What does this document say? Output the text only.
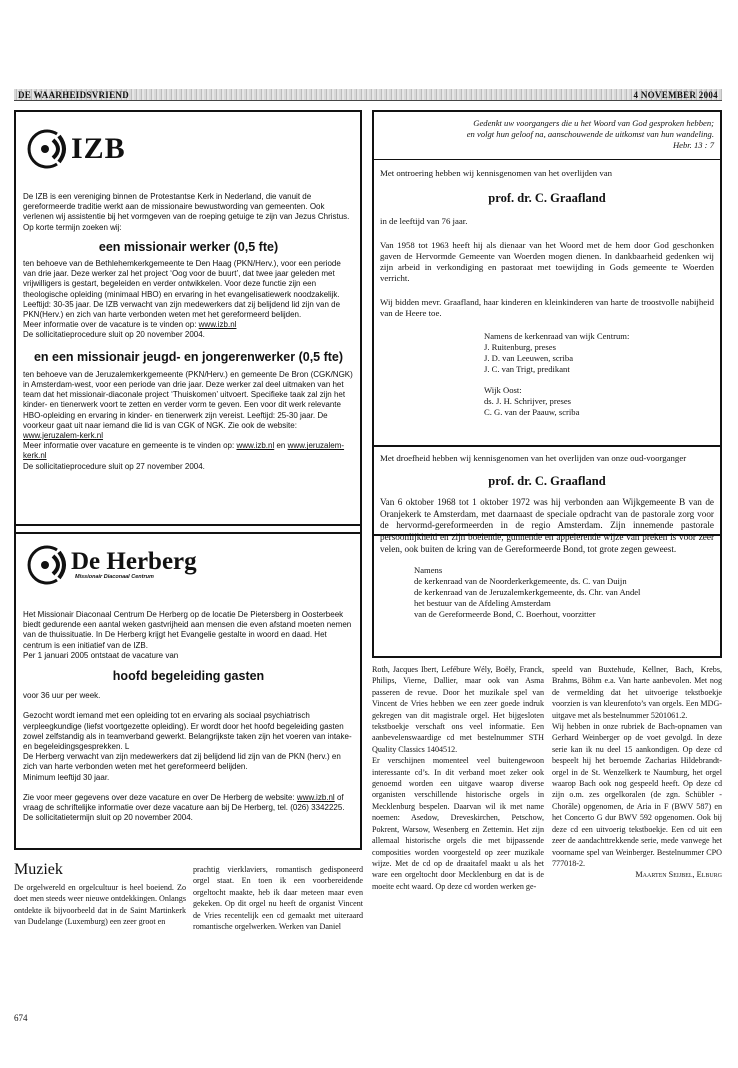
DE WAARHEIDSVRIEND	4 NOVEMBER 2004
IZB

De IZB is een vereniging binnen de Protestantse Kerk in Nederland, die vanuit de gereformeerde traditie werkt aan de missionaire bewustwording van gemeenten. Ook verlenen wij assistentie bij het vormgeven van de roeping getuige te zijn van Jezus Christus. Op korte termijn zoeken wij:

een missionair werker (0,5 fte)

ten behoeve van de Bethlehemkerkgemeente te Den Haag (PKN/Herv.), voor een periode van drie jaar. Deze werker zal het project ‘Oog voor de buurt’, dat twee jaar geleden met vrijwilligers is gestart, begeleiden en verder ontwikkelen. Voor deze functie zijn een theologische opleiding (minimaal HBO) en ervaring in het evangelisatiewerk noodzakelijk. Leeftijd: 30-35 jaar. De IZB verwacht van zijn medewerkers dat zij belijdend lid zijn van de PKN(Herv.) en zich van harte verbonden weten met het gereformeerd belijden.

Meer informatie over de vacature is te vinden op: www.izb.nl

De sollicitatieprocedure sluit op 20 november 2004.

en een missionair jeugd- en jongerenwerker (0,5 fte)

ten behoeve van de Jeruzalemkerkgemeente (PKN/Herv.) en gemeente De Bron (CGK/NGK) in Amsterdam-west, voor een periode van drie jaar. Deze werker zal deel uitmaken van het team dat het missionair-diaconale project ‘Thuiskomen’ uitvoert. Specifieke taak zal zijn het kinder- en tienerwerk voort te zetten en verder vorm te geven. Een voor dit werk relevante HBO-opleiding en ervaring in kinder- en tienerwerk zijn vereist. Leeftijd: 25-30 jaar. De voorkeur gaat uit naar iemand die lid is van CGK of NGK. Zie ook de website: www.jeruzalem-kerk.nl

Meer informatie over vacature en gemeente is te vinden op: www.izb.nl en www.jeruzalem-kerk.nl

De sollicitatieprocedure sluit op 27 november 2004.

De Herberg
Missionair Diaconaal Centrum

Het Missionair Diaconaal Centrum De Herberg op de locatie De Pietersberg in Oosterbeek biedt gedurende een aantal weken gastvrijheid aan mensen die even afstand moeten nemen van de thuissituatie. In De Herberg krijgt het Evangelie gestalte in woord en daad. Het centrum is een initiatief van de IZB.

Per 1 januari 2005 ontstaat de vacature van

hoofd begeleiding gasten

voor 36 uur per week.

Gezocht wordt iemand met een opleiding tot en ervaring als sociaal psychiatrisch verpleegkundige (liefst voortgezette opleiding). Er wordt door het hoofd begeleiding gasten zowel zelfstandig als in teamverband gewerkt. Belangrijkste taken zijn het voeren van intake- en begeleidingsgesprekken. L

De Herberg verwacht van zijn medewerkers dat zij belijdend lid zijn van de PKN (herv.) en zich van harte verbonden weten met het gereformeerd belijden.

Minimum leeftijd 30 jaar.

Zie voor meer gegevens over deze vacature en over De Herberg de website: www.izb.nl of vraag de schriftelijke informatie over deze vacature aan bij De Herberg, tel. (026) 3342225.

De sollicitatietermijn sluit op 20 november 2004.

Gedenkt uw voorgangers die u het Woord van God gesproken hebben;
en volgt hun geloof na, aanschouwende de uitkomst van hun wandeling.
Hebr. 13 : 7
Met ontroering hebben wij kennisgenomen van het overlijden van
prof. dr. C. Graafland
in de leeftijd van 76 jaar.
Van 1958 tot 1963 heeft hij als dienaar van het Woord met de hem door God geschonken gaven de Hervormde Gemeente van Woerden mogen dienen. In dankbaarheid gedenken wij zijn arbeid in verkondiging en pastoraat met toewijding in Gods gemeente te Woerden verricht.
Wij bidden mevr. Graafland, haar kinderen en kleinkinderen van harte de troostvolle nabijheid van de Heere toe.
Namens de kerkenraad van wijk Centrum:
J. Ruitenburg, preses
J. D. van Leeuwen, scriba
J. C. van Trigt, predikant
Wijk Oost:
ds. J. H. Schrijver, preses
C. G. van der Paauw, scriba
Met droefheid hebben wij kennisgenomen van het overlijden van onze oud-voorganger
prof. dr. C. Graafland
Van 6 oktober 1968 tot 1 oktober 1972 was hij verbonden aan Wijkgemeente B van de Oranjekerk te Amsterdam, met daarnaast de speciale opdracht van de pastorale zorg voor de hervormd-gereformeerden in de regio Amsterdam. Zijn innemende pastorale persoonlijkheid en zijn boeiende, gunnende en appelerende wijze van preken is voor zeer velen, ook buiten de kring van de Gereformeerde Bond, tot grote zegen geweest.
Namens
de kerkenraad van de Noorderkerkgemeente, ds. C. van Duijn
de kerkenraad van de Jeruzalemkerkgemeente, ds. Chr. van Andel
het bestuur van de Afdeling Amsterdam
van de Gereformeerde Bond, C. Boerhout, voorzitter
Muziek
De orgelwereld en orgelcultuur is heel boeiend. Zo doet men steeds weer nieuwe ontdekkingen. Onlangs ontdekte ik bijvoorbeeld dat in de Saint Martinkerk van Dudelange (Luxemburg) een zeer groot en
prachtig vierklaviers, romantisch gedisponeerd orgel staat. En toen ik een voorbereidende orgeltocht maakte, heb ik daar meteen maar even gekeken. Op dit orgel nu heeft de organist Vincent de Vries recentelijk een cd gemaakt met uiteraard romantische orgelwerken. Werken van Daniel

Roth, Jacques Ibert, Lefébure Wély, Boëly, Franck, Philips, Vierne, Dallier, maar ook van Asma passeren de revue. Door het muzikale spel van Vincent de Vries hebben we een zeer goede indruk gekregen van dit magistrale orgel. Het bijgesloten tekstboekje verschaft ons veel informatie. Een aanbevelenswaardige cd met bestelnummer STH Quality Classics 1404512.

Er verschijnen momenteel veel buitengewoon interessante cd’s. In dit verband moet zeker ook genoemd worden een uitgave waarop diverse organisten verschillende historische orgels in Mecklenburg bespelen. Daarvan wil ik met name noemen: Asedow, Dreveskirchen, Petschow, Pokrent, Warsow, Wesenberg en Zettemin. Het zijn allemaal historische orgels die met bijpassende composities worden voorgesteld op zeer muzikale wijze. Met de cd op de draaitafel maakt u als het ware een orgeltocht door Mecklenburg en dat is de moeite echt waard. Op deze cd worden werken ge-

speeld van Buxtehude, Kellner, Bach, Krebs, Brahms, Böhm e.a. Van harte aanbevolen. Met nog de vermelding dat het uitvoerige tekstboekje voorzien is van kleurenfoto’s van orgels. Een MDG-uitgave met als bestelnummer 5201061.2.

Wij hebben in onze rubriek de Bach-opnamen van Gerhard Weinberger op de voet gevolgd. In deze serie kan ik nu deel 15 aankondigen. Op deze cd bespeelt hij het beroemde Zacharias Hildebrandt-orgel in de St. Wenzelkerk te Naumburg, het orgel waarop Bach ook nog gespeeld heeft. Op deze cd zijn o.m. zes orgelkoralen (de zgn. Schübler - Chorāle) opgenomen, de Aria in F (BWV 587) en het Concerto G dur BWV 592 opgenomen. Ook bij deze cd een uitvoerig tekstboekje. Een cd uit een zeer de aandachttrekkende serie, mede vanwege het voorname spel van Weinberger. Bestelnummer CPO 777018-2.

Maarten Seijbel, Elburg

674
